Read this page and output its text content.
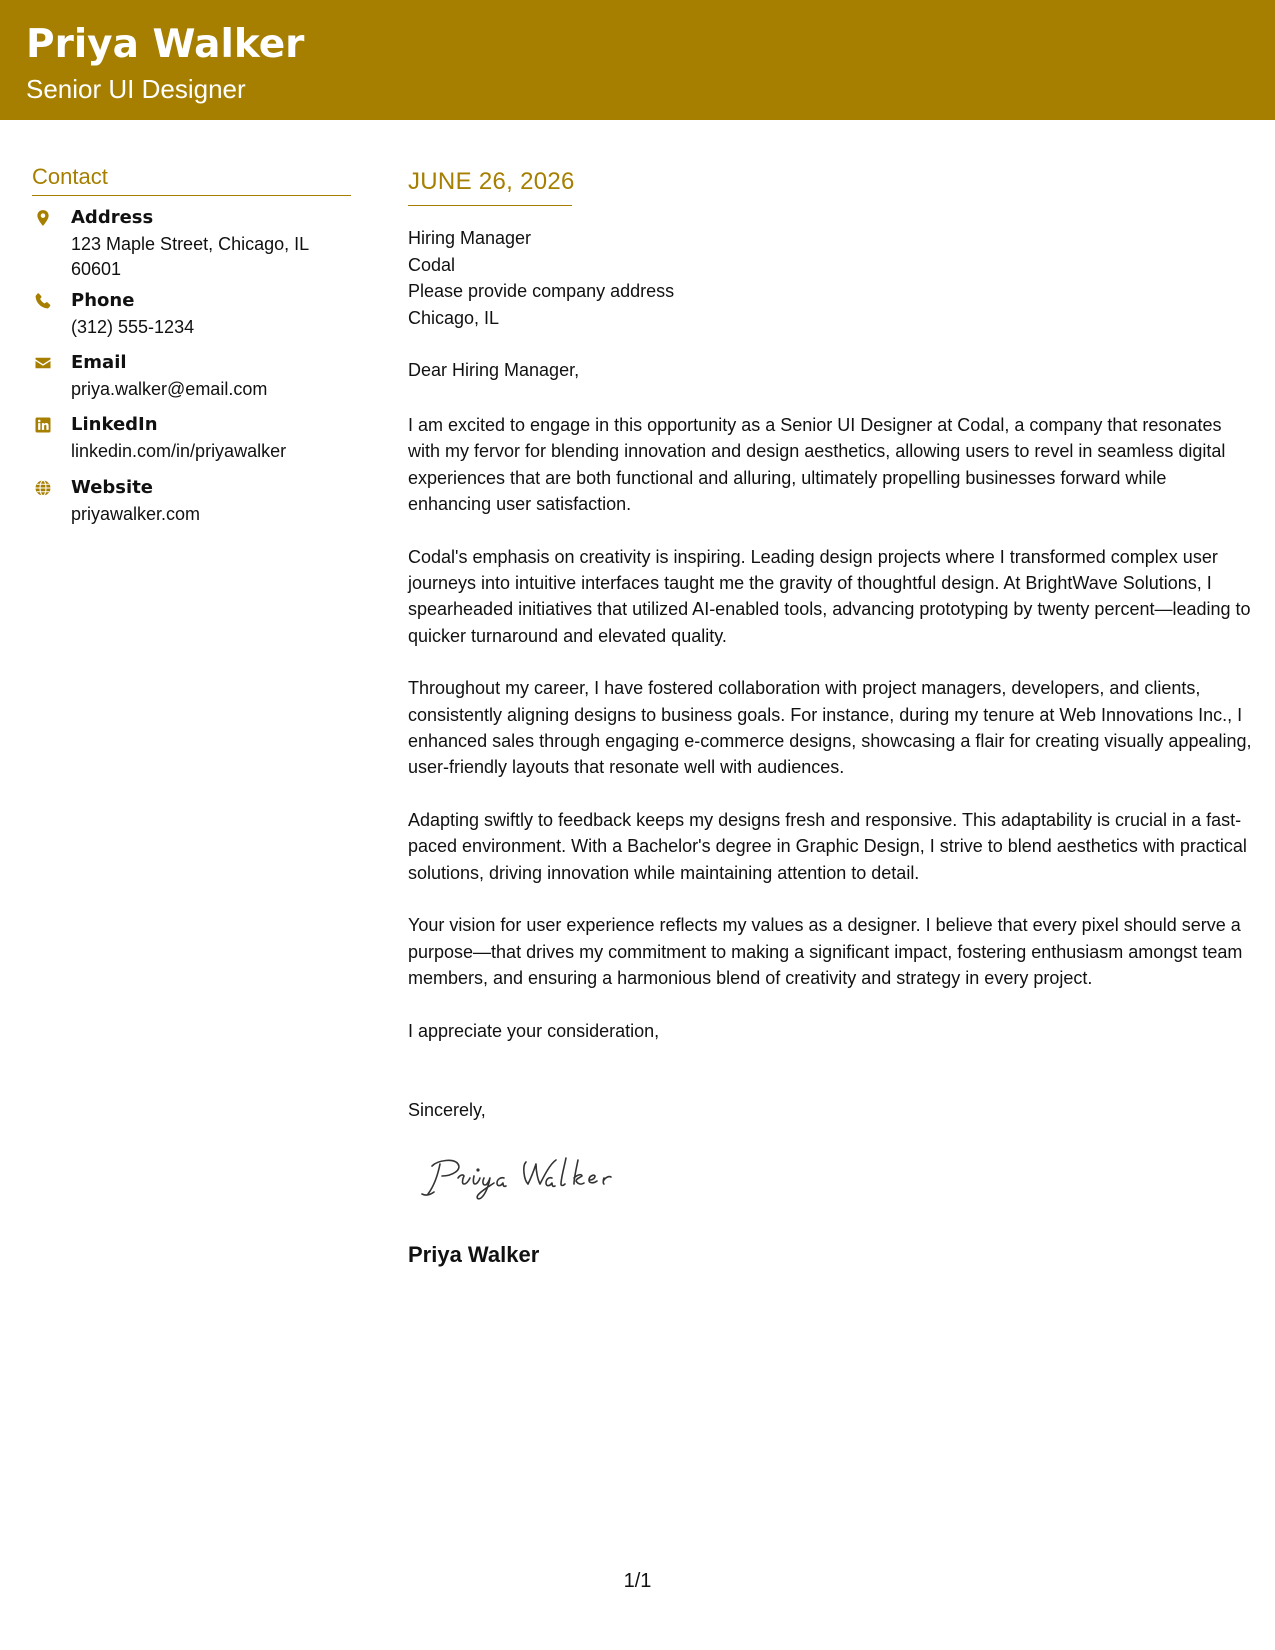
Priya Walker
Senior UI Designer
Contact
Address
123 Maple Street, Chicago, IL 60601
Phone
(312) 555-1234
Email
priya.walker@email.com
LinkedIn
linkedin.com/in/priyawalker
Website
priyawalker.com
JUNE 26, 2026
Hiring Manager
Codal
Please provide company address
Chicago, IL
Dear Hiring Manager,

I am excited to engage in this opportunity as a Senior UI Designer at Codal, a company that resonates with my fervor for blending innovation and design aesthetics, allowing users to revel in seamless digital experiences that are both functional and alluring, ultimately propelling businesses forward while enhancing user satisfaction.

Codal's emphasis on creativity is inspiring. Leading design projects where I transformed complex user journeys into intuitive interfaces taught me the gravity of thoughtful design. At BrightWave Solutions, I spearheaded initiatives that utilized AI-enabled tools, advancing prototyping by twenty percent—leading to quicker turnaround and elevated quality.

Throughout my career, I have fostered collaboration with project managers, developers, and clients, consistently aligning designs to business goals. For instance, during my tenure at Web Innovations Inc., I enhanced sales through engaging e-commerce designs, showcasing a flair for creating visually appealing, user-friendly layouts that resonate well with audiences.

Adapting swiftly to feedback keeps my designs fresh and responsive. This adaptability is crucial in a fast-paced environment. With a Bachelor's degree in Graphic Design, I strive to blend aesthetics with practical solutions, driving innovation while maintaining attention to detail.

Your vision for user experience reflects my values as a designer. I believe that every pixel should serve a purpose—that drives my commitment to making a significant impact, fostering enthusiasm amongst team members, and ensuring a harmonious blend of creativity and strategy in every project.

I appreciate your consideration,
Sincerely,
Priya Walker
1/1
